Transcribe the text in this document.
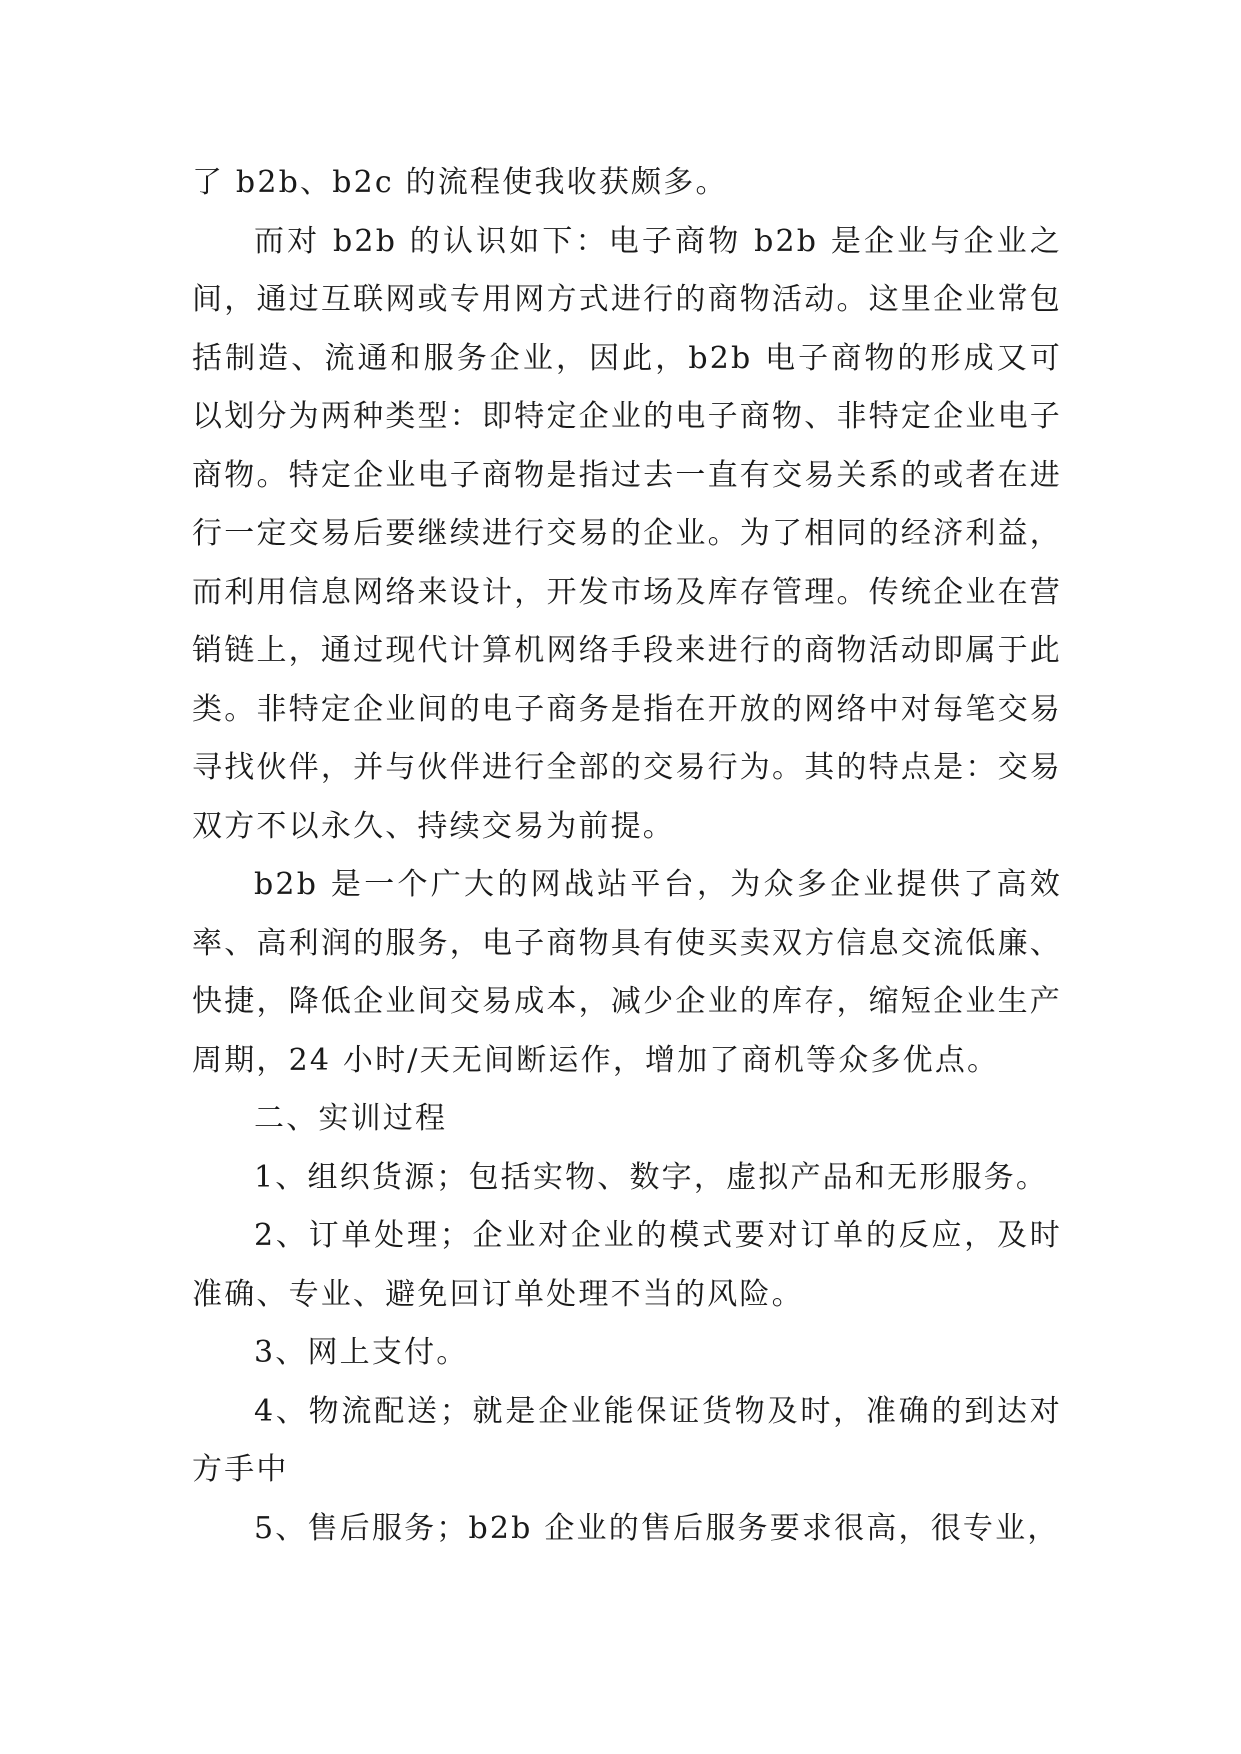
了 b2b、b2c 的流程使我收获颇多。

而对 b2b 的认识如下：电子商物 b2b 是企业与企业之间，通过互联网或专用网方式进行的商物活动。这里企业常包括制造、流通和服务企业，因此，b2b 电子商物的形成又可以划分为两种类型：即特定企业的电子商物、非特定企业电子商物。特定企业电子商物是指过去一直有交易关系的或者在进行一定交易后要继续进行交易的企业。为了相同的经济利益，而利用信息网络来设计，开发市场及库存管理。传统企业在营销链上，通过现代计算机网络手段来进行的商物活动即属于此类。非特定企业间的电子商务是指在开放的网络中对每笔交易寻找伙伴，并与伙伴进行全部的交易行为。其的特点是：交易双方不以永久、持续交易为前提。

b2b 是一个广大的网战站平台，为众多企业提供了高效率、高利润的服务，电子商物具有使买卖双方信息交流低廉、快捷，降低企业间交易成本，减少企业的库存，缩短企业生产周期，24 小时/天无间断运作，增加了商机等众多优点。

二、实训过程

1、组织货源；包括实物、数字，虚拟产品和无形服务。

2、订单处理；企业对企业的模式要对订单的反应，及时准确、专业、避免回订单处理不当的风险。

3、网上支付。

4、物流配送；就是企业能保证货物及时，准确的到达对方手中

5、售后服务；b2b 企业的售后服务要求很高，很专业，
